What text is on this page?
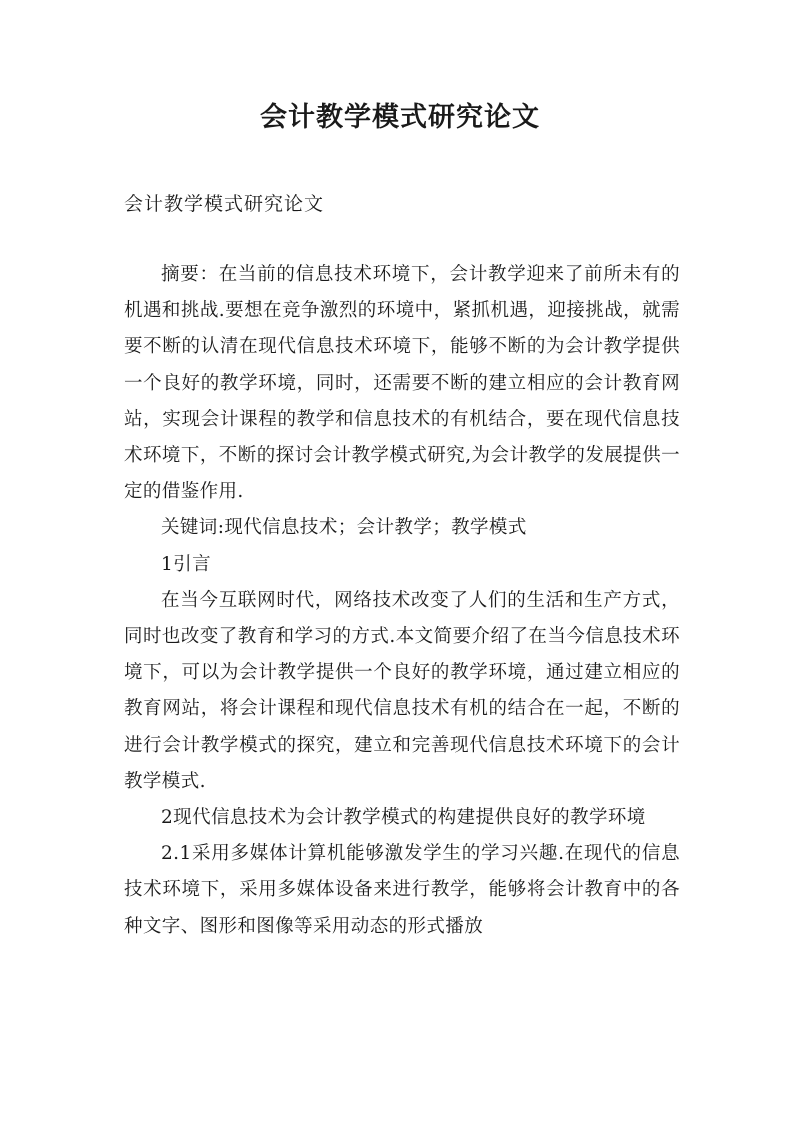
会计教学模式研究论文

会计教学模式研究论文

摘要：在当前的信息技术环境下，会计教学迎来了前所未有的机遇和挑战.要想在竞争激烈的环境中，紧抓机遇，迎接挑战，就需要不断的认清在现代信息技术环境下，能够不断的为会计教学提供一个良好的教学环境，同时，还需要不断的建立相应的会计教育网站，实现会计课程的教学和信息技术的有机结合，要在现代信息技术环境下，不断的探讨会计教学模式研究,为会计教学的发展提供一定的借鉴作用.

关键词:现代信息技术；会计教学；教学模式

1引言

在当今互联网时代，网络技术改变了人们的生活和生产方式，同时也改变了教育和学习的方式.本文简要介绍了在当今信息技术环境下，可以为会计教学提供一个良好的教学环境，通过建立相应的教育网站，将会计课程和现代信息技术有机的结合在一起，不断的进行会计教学模式的探究，建立和完善现代信息技术环境下的会计教学模式.

2现代信息技术为会计教学模式的构建提供良好的教学环境

2.1采用多媒体计算机能够激发学生的学习兴趣.在现代的信息技术环境下，采用多媒体设备来进行教学，能够将会计教育中的各种文字、图形和图像等采用动态的形式播放
